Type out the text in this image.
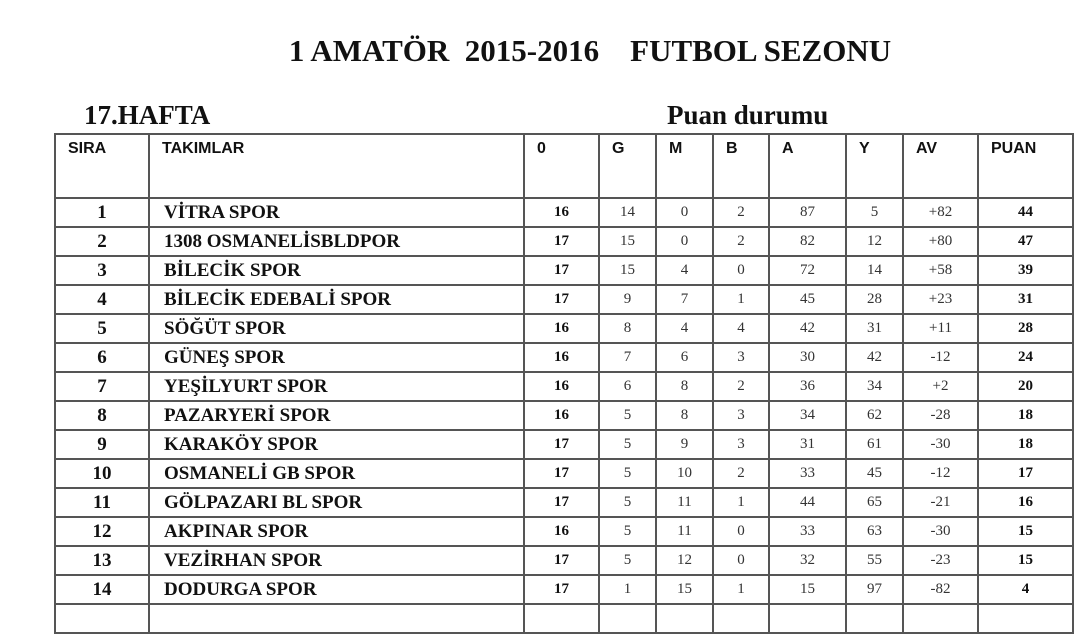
1 AMATÖR  2015-2016    FUTBOL SEZONU
17.HAFTA	Puan durumu
SIRA	TAKIMLAR	0	G	M	B	A	Y	AV	PUAN
1	VİTRA SPOR	16	14	0	2	87	5	+82	44
2	1308 OSMANELİSBLDPOR	17	15	0	2	82	12	+80	47
3	BİLECİK SPOR	17	15	4	0	72	14	+58	39
4	BİLECİK EDEBALİ SPOR	17	9	7	1	45	28	+23	31
5	SÖĞÜT SPOR	16	8	4	4	42	31	+11	28
6	GÜNEŞ SPOR	16	7	6	3	30	42	-12	24
7	YEŞİLYURT SPOR	16	6	8	2	36	34	+2	20
8	PAZARYERİ SPOR	16	5	8	3	34	62	-28	18
9	KARAKÖY SPOR	17	5	9	3	31	61	-30	18
10	OSMANELİ GB SPOR	17	5	10	2	33	45	-12	17
11	GÖLPAZARI BL SPOR	17	5	11	1	44	65	-21	16
12	AKPINAR SPOR	16	5	11	0	33	63	-30	15
13	VEZİRHAN SPOR	17	5	12	0	32	55	-23	15
14	DODURGA SPOR	17	1	15	1	15	97	-82	4
